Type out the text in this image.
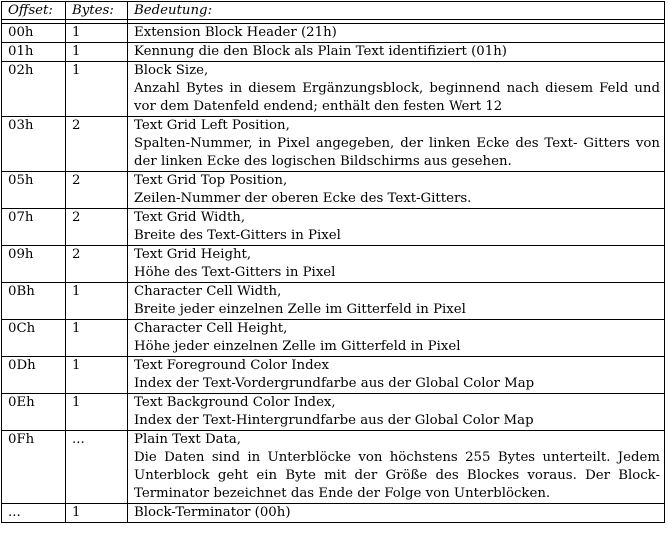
Offset:	Bytes:	Bedeutung:

00h	1	Extension Block Header (21h)

01h	1	Kennung die den Block als Plain Text identifiziert (01h)

02h	1	Block Size,
Anzahl Bytes in diesem Ergänzungsblock, beginnend nach diesem Feld und
vor dem Datenfeld endend; enthält den festen Wert 12

03h	2	Text Grid Left Position,
Spalten-Nummer, in Pixel angegeben, der linken Ecke des Text- Gitters von
der linken Ecke des logischen Bildschirms aus gesehen.

05h	2	Text Grid Top Position,
Zeilen-Nummer der oberen Ecke des Text-Gitters.

07h	2	Text Grid Width,
Breite des Text-Gitters in Pixel

09h	2	Text Grid Height,
Höhe des Text-Gitters in Pixel

0Bh	1	Character Cell Width,
Breite jeder einzelnen Zelle im Gitterfeld in Pixel

0Ch	1	Character Cell Height,
Höhe jeder einzelnen Zelle im Gitterfeld in Pixel

0Dh	1	Text Foreground Color Index
Index der Text-Vordergrundfarbe aus der Global Color Map

0Eh	1	Text Background Color Index,
Index der Text-Hintergrundfarbe aus der Global Color Map

0Fh	...	Plain Text Data,
Die Daten sind in Unterblöcke von höchstens 255 Bytes unterteilt. Jedem
Unterblock geht ein Byte mit der Größe des Blockes voraus. Der Block-
Terminator bezeichnet das Ende der Folge von Unterblöcken.

...	1	Block-Terminator (00h)
